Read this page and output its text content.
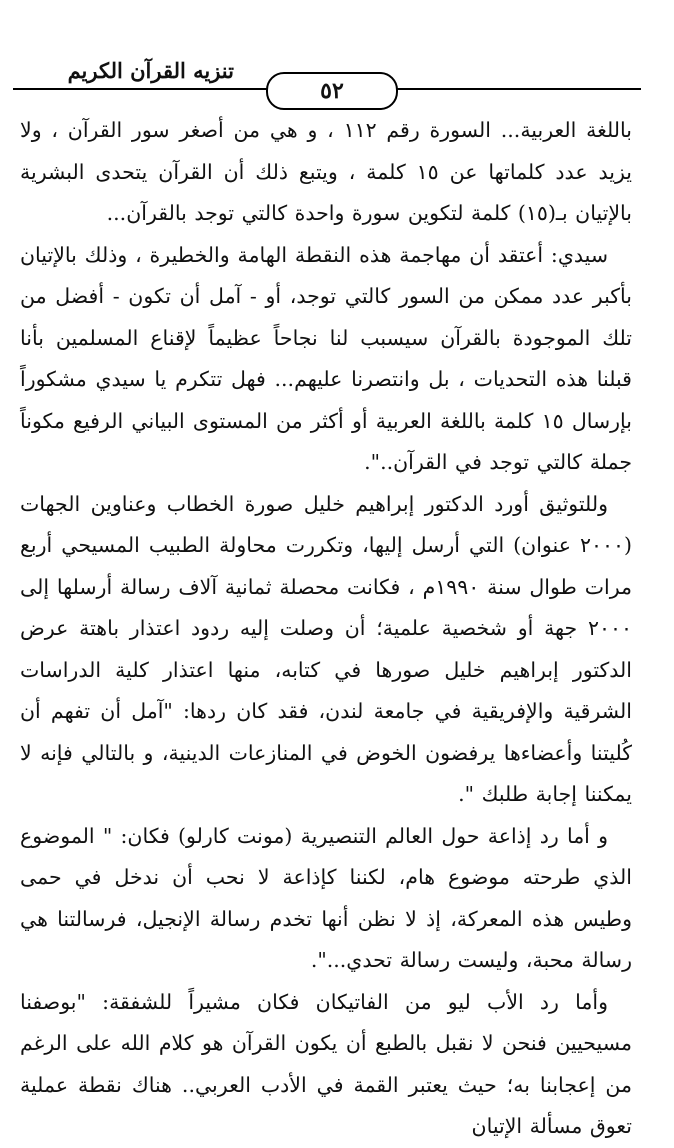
تنزيه القرآن الكريم
٥٢

باللغة العربية... السورة رقم ١١٢ ، و هي من أصغر سور القرآن ، ولا يزيد عدد كلماتها عن ١٥ كلمة ، ويتبع ذلك أن القرآن يتحدى البشرية بالإتيان بـ(١٥) كلمة لتكوين سورة واحدة كالتي توجد بالقرآن...

سيدي: أعتقد أن مهاجمة هذه النقطة الهامة والخطيرة ، وذلك بالإتيان بأكبر عدد ممكن من السور كالتي توجد، أو - آمل أن تكون - أفضل من تلك الموجودة بالقرآن سيسبب لنا نجاحاً عظيماً لإقناع المسلمين بأنا قبلنا هذه التحديات ، بل وانتصرنا عليهم... فهل تتكرم يا سيدي مشكوراً بإرسال ١٥ كلمة باللغة العربية أو أكثر من المستوى البياني الرفيع مكوناً جملة كالتي توجد في القرآن..".

وللتوثيق أورد الدكتور إبراهيم خليل صورة الخطاب وعناوين الجهات (٢٠٠٠ عنوان) التي أرسل إليها، وتكررت محاولة الطبيب المسيحي أربع مرات طوال سنة ١٩٩٠م ، فكانت محصلة ثمانية آلاف رسالة أرسلها إلى ٢٠٠٠ جهة أو شخصية علمية؛ أن وصلت إليه ردود اعتذار باهتة عرض الدكتور إبراهيم خليل صورها في كتابه، منها اعتذار كلية الدراسات الشرقية والإفريقية في جامعة لندن، فقد كان ردها: "آمل أن تفهم أن كُليتنا وأعضاءها يرفضون الخوض في المنازعات الدينية، و بالتالي فإنه لا يمكننا إجابة طلبك ".

و أما رد إذاعة حول العالم التنصيرية (مونت كارلو) فكان: " الموضوع الذي طرحته موضوع هام، لكننا كإذاعة لا نحب أن ندخل في حمى وطيس هذه المعركة، إذ لا نظن أنها تخدم رسالة الإنجيل، فرسالتنا هي رسالة محبة، وليست رسالة تحدي...".

وأما رد الأب ليو من الفاتيكان فكان مشيراً للشفقة: "بوصفنا مسيحيين فنحن لا نقبل بالطبع أن يكون القرآن هو كلام الله على الرغم من إعجابنا به؛ حيث يعتبر القمة في الأدب العربي.. هناك نقطة عملية تعوق مسألة الإتيان
